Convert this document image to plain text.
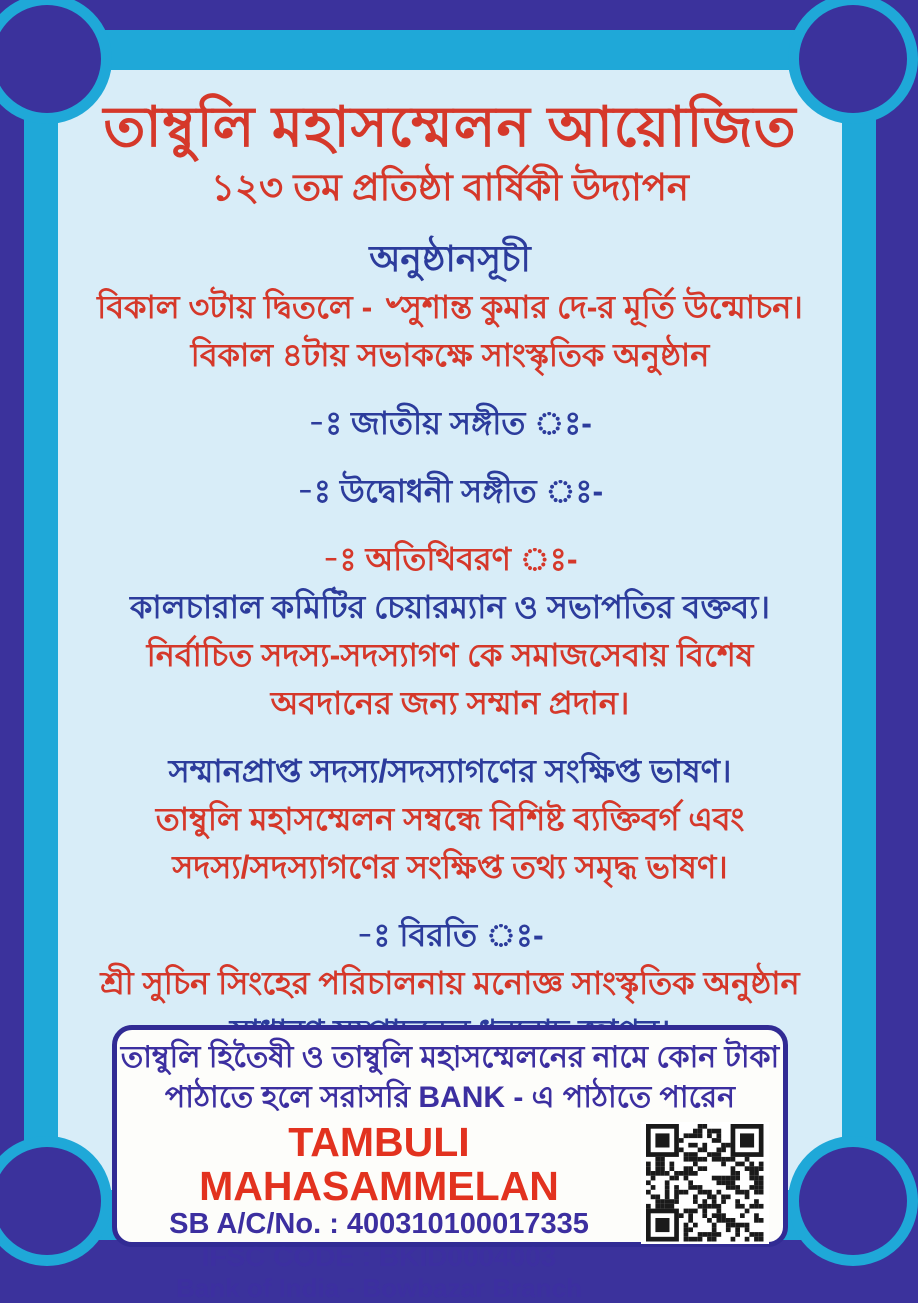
তাম্বুলি মহাসম্মেলন আয়োজিত
১২৩ তম প্রতিষ্ঠা বার্ষিকী উদ্যাপন
অনুষ্ঠানসূচী
বিকাল ৩টায় দ্বিতলে - ৺সুশান্ত কুমার দে-র মূর্তি উন্মোচন।
বিকাল ৪টায় সভাকক্ষে সাংস্কৃতিক অনুষ্ঠান
-ঃ জাতীয় সঙ্গীত ঃ-
-ঃ উদ্বোধনী সঙ্গীত ঃ-
-ঃ অতিথিবরণ ঃ-
কালচারাল কমিটির চেয়ারম্যান ও সভাপতির বক্তব্য।
নির্বাচিত সদস্য-সদস্যাগণ কে সমাজসেবায় বিশেষ
অবদানের জন্য সম্মান প্রদান।
সম্মানপ্রাপ্ত সদস্য/সদস্যাগণের সংক্ষিপ্ত ভাষণ।
তাম্বুলি মহাসম্মেলন সম্বন্ধে বিশিষ্ট ব্যক্তিবর্গ এবং
সদস্য/সদস্যাগণের সংক্ষিপ্ত তথ্য সমৃদ্ধ ভাষণ।
-ঃ বিরতি ঃ-
শ্রী সুচিন সিংহের পরিচালনায় মনোজ্ঞ সাংস্কৃতিক অনুষ্ঠান
তাম্বুলি হিতৈষী ও তাম্বুলি মহাসম্মেলনের নামে কোন টাকা
পাঠাতে হলে সরাসরি BANK - এ পাঠাতে পারেন
TAMBULI MAHASAMMELAN
SB A/C/No. : 400310100017335
IFSC CODE : BKID0004003
Bank of India - Bowbazar Branch
